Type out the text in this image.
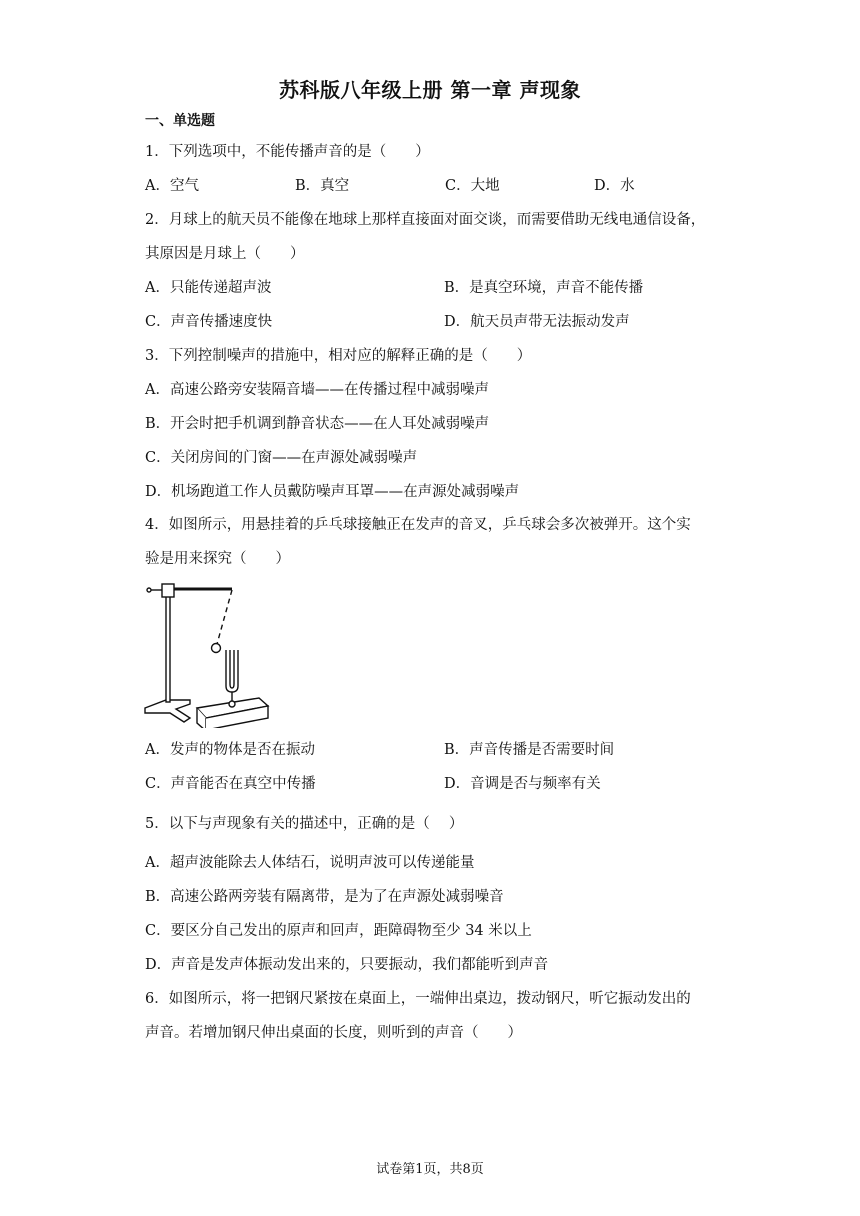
苏科版八年级上册 第一章 声现象
一、单选题
1．下列选项中，不能传播声音的是（　　）
A．空气	B．真空	C．大地	D．水
2．月球上的航天员不能像在地球上那样直接面对面交谈，而需要借助无线电通信设备，
其原因是月球上（　　）
A．只能传递超声波	B．是真空环境，声音不能传播
C．声音传播速度快	D．航天员声带无法振动发声
3．下列控制噪声的措施中，相对应的解释正确的是（　　）
A．高速公路旁安装隔音墙——在传播过程中减弱噪声
B．开会时把手机调到静音状态——在人耳处减弱噪声
C．关闭房间的门窗——在声源处减弱噪声
D．机场跑道工作人员戴防噪声耳罩——在声源处减弱噪声
4．如图所示，用悬挂着的乒乓球接触正在发声的音叉，乒乓球会多次被弹开。这个实
验是用来探究（　　）
A．发声的物体是否在振动	B．声音传播是否需要时间
C．声音能否在真空中传播	D．音调是否与频率有关
5．以下与声现象有关的描述中，正确的是（　 ）
A．超声波能除去人体结石，说明声波可以传递能量
B．高速公路两旁装有隔离带，是为了在声源处减弱噪音
C．要区分自己发出的原声和回声，距障碍物至少 34 米以上
D．声音是发声体振动发出来的，只要振动，我们都能听到声音
6．如图所示，将一把钢尺紧按在桌面上，一端伸出桌边，拨动钢尺，听它振动发出的
声音。若增加钢尺伸出桌面的长度，则听到的声音（　　）
试卷第1页，共8页
